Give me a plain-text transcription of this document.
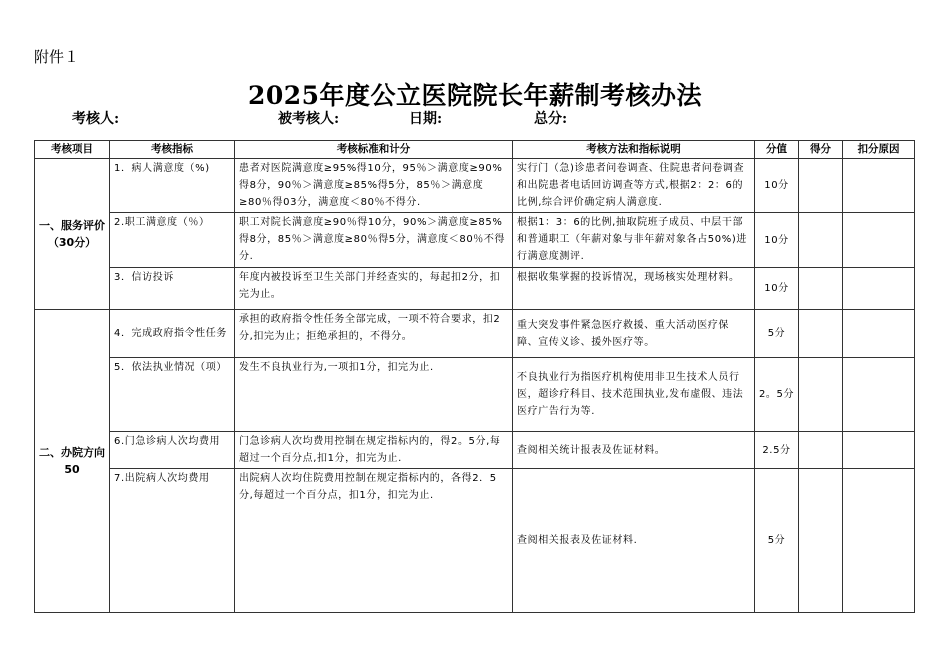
附件１
2025年度公立医院院长年薪制考核办法
考核人:	被考核人:	日期:	总分:
考核项目	考核指标	考核标准和计分	考核方法和指标说明	分值	得分	扣分原因
一、服务评价（30分）	1．病人满意度（%)	患者对医院满意度≥95%得10分，95％＞满意度≥90%得8分，90％＞满意度≥85%得5分，85％＞满意度≥80％得03分，满意度＜80％不得分.	实行门（急)诊患者问卷调查、住院患者问卷调查和出院患者电话回访调查等方式,根据2：2：6的比例,综合评价确定病人满意度.	10分		
	2.职工满意度（％）	职工对院长满意度≥90％得10分，90%＞满意度≥85%得8分，85％＞满意度≥80％得5分，满意度＜80％不得分.	根据1：3：6的比例,抽取院班子成员、中层干部和普通职工（年薪对象与非年薪对象各占50%)进行满意度测评.	10分		
	3．信访投诉	年度内被投诉至卫生关部门并经查实的，每起扣2分，扣完为止。	根据收集掌握的投诉情况，现场核实处理材料。	10分		
二、办院方向50	4．完成政府指令性任务	承担的政府指令性任务全部完成，一项不符合要求，扣2分,扣完为止；拒绝承担的，不得分。	重大突发事件紧急医疗救援、重大活动医疗保障、宣传义诊、援外医疗等。	5分		
	5．依法执业情况（项）	发生不良执业行为,一项扣1分，扣完为止.	不良执业行为指医疗机构使用非卫生技术人员行医，超诊疗科目、技术范围执业,发布虚假、违法医疗广告行为等.	2。5分		
	6.门急诊病人次均费用	门急诊病人次均费用控制在规定指标内的，得2。5分,每超过一个百分点,扣1分，扣完为止.	查阅相关统计报表及佐证材料。	2.5分		
	7.出院病人次均费用	出院病人次均住院费用控制在规定指标内的，各得2．5分,每超过一个百分点，扣1分，扣完为止.	查阅相关报表及佐证材料.	5分		
